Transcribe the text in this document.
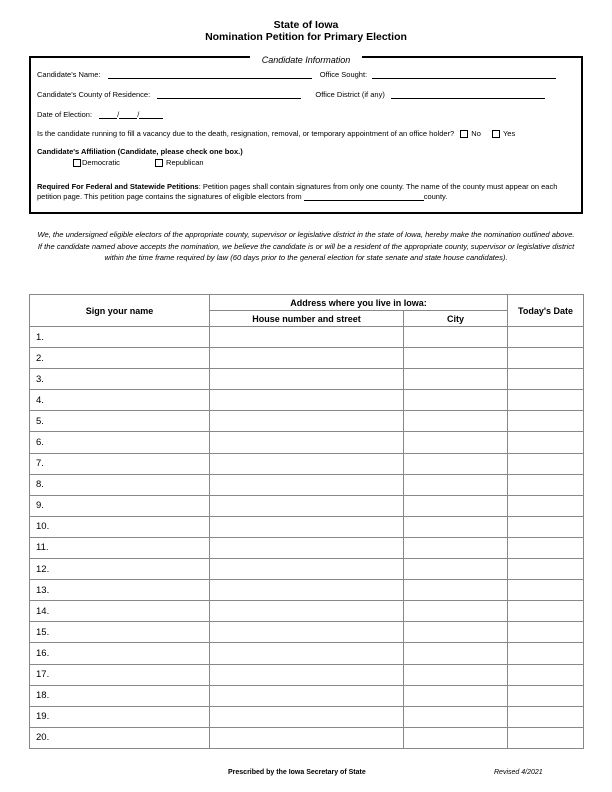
State of Iowa
Nomination Petition for Primary Election
Candidate Information
Candidate's Name:	Office Sought:
Candidate's County of Residence:	Office District (if any)
Date of Election:	/ /
Is the candidate running to fill a vacancy due to the death, resignation, removal, or temporary appointment of an office holder? No	Yes
Candidate's Affiliation (Candidate, please check one box.)
Democratic	Republican
Required For Federal and Statewide Petitions: Petition pages shall contain signatures from only one county. The name of the county must appear on each petition page. This petition page contains the signatures of eligible electors from	county.
We, the undersigned eligible electors of the appropriate county, supervisor or legislative district in the state of Iowa, hereby make the nomination outlined above. If the candidate named above accepts the nomination, we believe the candidate is or will be a resident of the appropriate county, supervisor or legislative district within the time frame required by law (60 days prior to the general election for state senate and state house candidates).
Sign your name	Address where you live in Iowa:		Today's Date
	House number and street	City	
1.			
2.			
3.			
4.			
5.			
6.			
7.			
8.			
9.			
10.			
11.			
12.			
13.			
14.			
15.			
16.			
17.			
18.			
19.			
20.			
Prescribed by the Iowa Secretary of State	Revised 4/2021
